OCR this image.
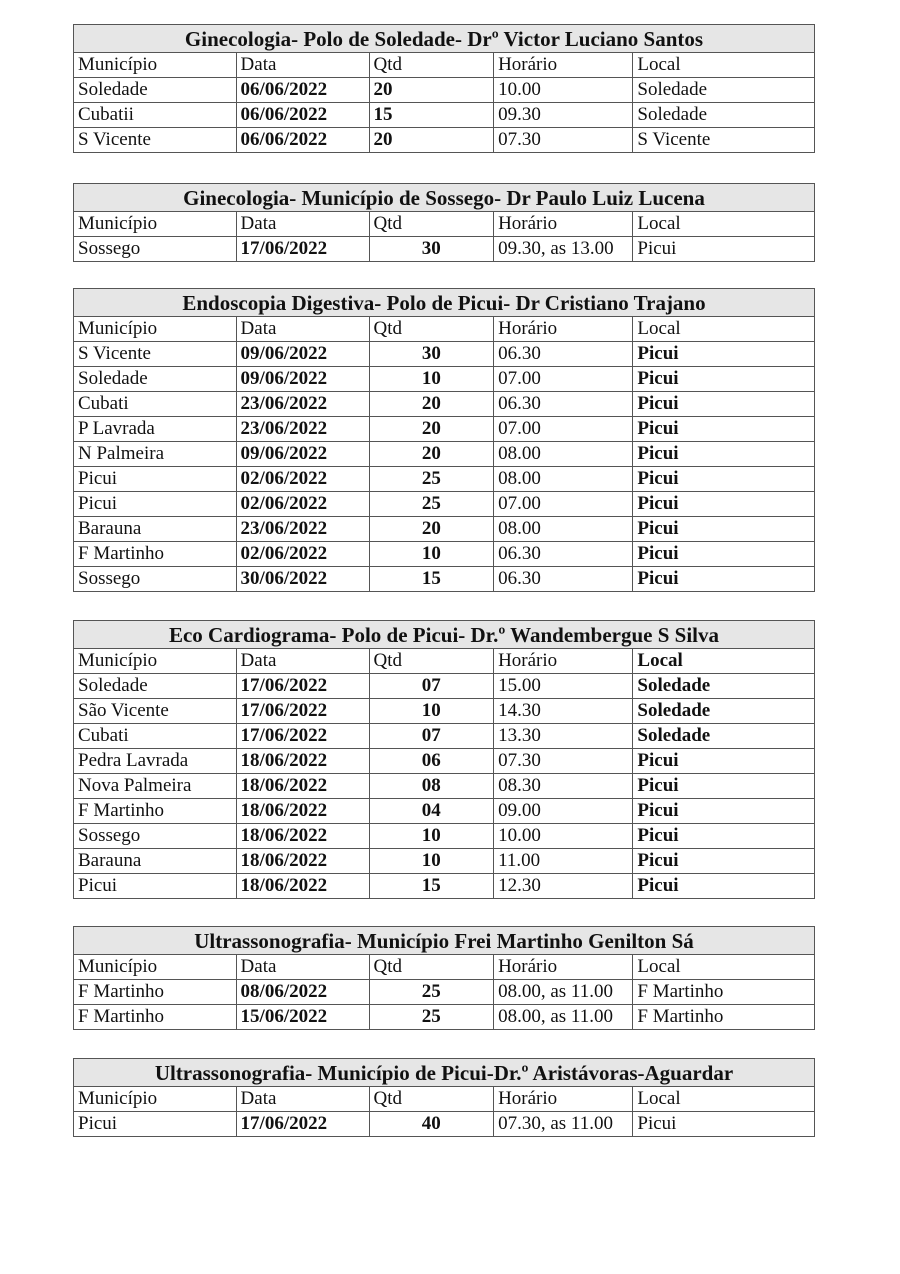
Ginecologia- Polo de Soledade- Drº Victor Luciano Santos				
Município	Data	Qtd	Horário	Local
Soledade	06/06/2022	20	10.00	Soledade
Cubatii	06/06/2022	15	09.30	Soledade
S Vicente	06/06/2022	20	07.30	S Vicente
Ginecologia- Município de Sossego- Dr Paulo Luiz Lucena				
Município	Data	Qtd	Horário	Local
Sossego	17/06/2022	30	09.30, as 13.00	Picui
Endoscopia Digestiva- Polo de Picui- Dr Cristiano Trajano				
Município	Data	Qtd	Horário	Local
S Vicente	09/06/2022	30	06.30	Picui
Soledade	09/06/2022	10	07.00	Picui
Cubati	23/06/2022	20	06.30	Picui
P Lavrada	23/06/2022	20	07.00	Picui
N Palmeira	09/06/2022	20	08.00	Picui
Picui	02/06/2022	25	08.00	Picui
Picui	02/06/2022	25	07.00	Picui
Barauna	23/06/2022	20	08.00	Picui
F Martinho	02/06/2022	10	06.30	Picui
Sossego	30/06/2022	15	06.30	Picui
Eco Cardiograma- Polo de Picui- Dr.º Wandembergue S Silva				
Município	Data	Qtd	Horário	Local
Soledade	17/06/2022	07	15.00	Soledade
São Vicente	17/06/2022	10	14.30	Soledade
Cubati	17/06/2022	07	13.30	Soledade
Pedra Lavrada	18/06/2022	06	07.30	Picui
Nova Palmeira	18/06/2022	08	08.30	Picui
F Martinho	18/06/2022	04	09.00	Picui
Sossego	18/06/2022	10	10.00	Picui
Barauna	18/06/2022	10	11.00	Picui
Picui	18/06/2022	15	12.30	Picui
Ultrassonografia- Município Frei Martinho Genilton Sá				
Município	Data	Qtd	Horário	Local
F Martinho	08/06/2022	25	08.00, as 11.00	F Martinho
F Martinho	15/06/2022	25	08.00, as 11.00	F Martinho
Ultrassonografia- Município de Picui-Dr.º Aristávoras-Aguardar				
Município	Data	Qtd	Horário	Local
Picui	17/06/2022	40	07.30, as 11.00	Picui
